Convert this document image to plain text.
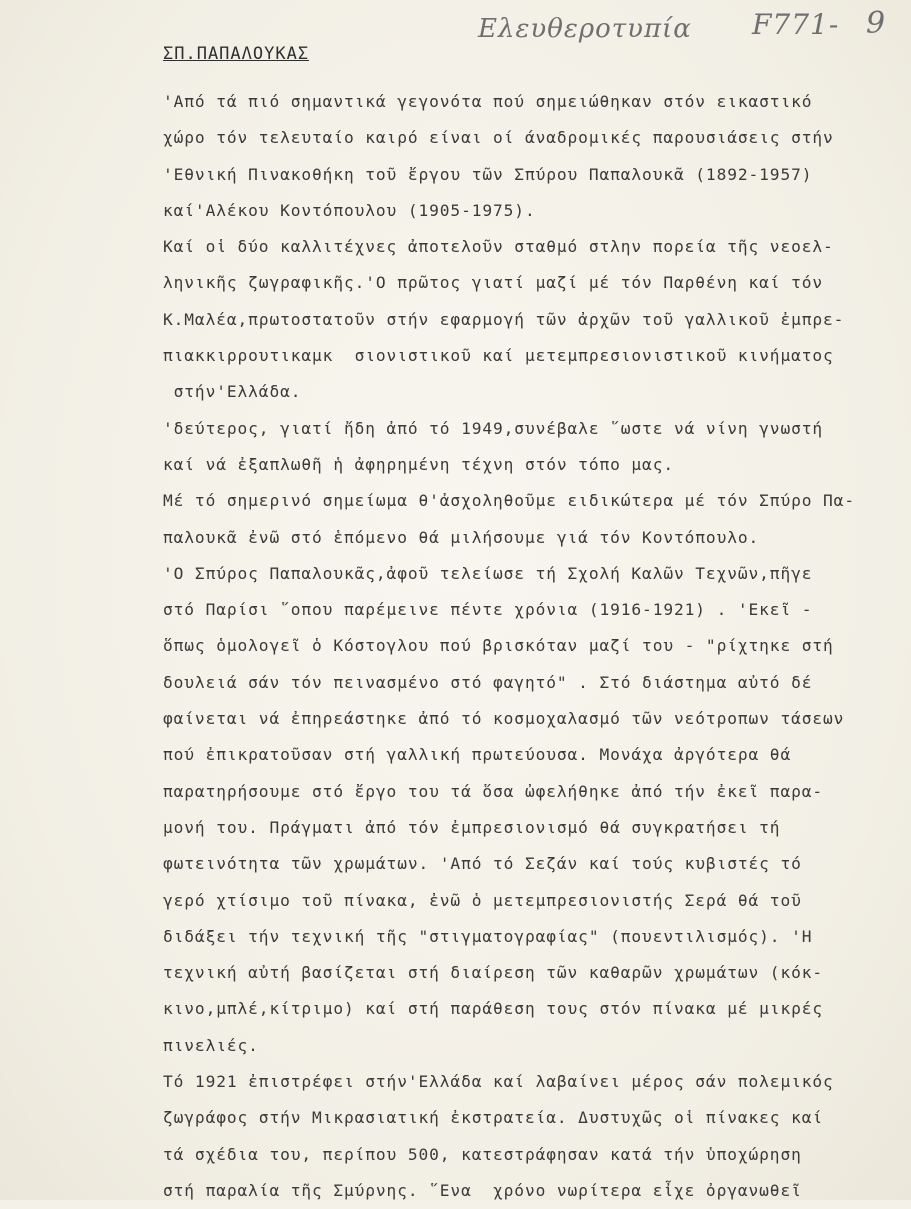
Ελευθεροτυπία F771- 9
ΣΠ.ΠΑΠΑΛΟΥΚΑΣ
'Από τά πιό σημαντικά γεγονότα πού σημειώθηκαν στόν εικαστικό
χώρο τόν τελευταίο καιρό είναι οί άναδρομικές παρουσιάσεις στήν
'Εθνική Πινακοθήκη τοῦ ἔργου τῶν Σπύρου Παπαλουκᾶ (1892-1957)
καί'Αλέκου Κοντόπουλου (1905-1975).
Καί οἱ δύο καλλιτέχνες ἀποτελοῦν σταθμό στλην πορεία τῆς νεοελ-
ληνικῆς ζωγραφικῆς.'Ο πρῶτος γιατί μαζί μέ τόν Παρθένη καί τόν
Κ.Μαλέα,πρωτοστατοῦν στήν εφαρμογή τῶν ἀρχῶν τοῦ γαλλικοῦ ἐμπρε-
πιακκιρρουτικαμκ  σιονιστικοῦ καί μετεμπρεσιονιστικοῦ κινήματος
στήν'Ελλάδα.
'δεύτερος, γιατί ἤδη ἀπό τό 1949,συνέβαλε ῞ωστε νά νίνη γνωστή
καί νά ἐξαπλωθῆ ἡ ἀφηρημένη τέχνη στόν τόπο μας.
Μέ τό σημερινό σημείωμα θ'ἀσχοληθοῦμε ειδικώτερα μέ τόν Σπύρο Πα-
παλουκᾶ ἐνῶ στό ἑπόμενο θά μιλήσουμε γιά τόν Κοντόπουλο.
'Ο Σπύρος Παπαλουκᾶς,ἀφοῦ τελείωσε τή Σχολή Καλῶν Τεχνῶν,πῆγε
στό Παρίσι ῞οπου παρέμεινε πέντε χρόνια (1916-1921) . 'Εκεῖ -
ὅπως ὁμολογεῖ ὁ Κόστογλου πού βρισκόταν μαζί του - "ρίχτηκε στή
δουλειά σάν τόν πεινασμένο στό φαγητό" . Στό διάστημα αὐτό δέ
φαίνεται νά ἐπηρεάστηκε ἀπό τό κοσμοχαλασμό τῶν νεότροπων τάσεων
πού ἐπικρατοῦσαν στή γαλλική πρωτεύουσα. Μονάχα ἀργότερα θά
παρατηρήσουμε στό ἔργο του τά ὅσα ὠφελήθηκε ἀπό τήν ἐκεῖ παρα-
μονή του. Πράγματι ἀπό τόν ἐμπρεσιονισμό θά συγκρατήσει τή
φωτεινότητα τῶν χρωμάτων. 'Από τό Σεζάν καί τούς κυβιστές τό
γερό χτίσιμο τοῦ πίνακα, ἐνῶ ὁ μετεμπρεσιονιστής Σερά θά τοῦ
διδάξει τήν τεχνική τῆς "στιγματογραφίας" (πουεντιλισμός). 'Η
τεχνική αὐτή βασίζεται στή διαίρεση τῶν καθαρῶν χρωμάτων (κόκ-
κινο,μπλέ,κίτριμο) καί στή παράθεση τους στόν πίνακα μέ μικρές
πινελιές.
Τό 1921 ἐπιστρέφει στήν'Ελλάδα καί λαβαίνει μέρος σάν πολεμικός
ζωγράφος στήν Μικρασιατική ἐκστρατεία. Δυστυχῶς οἱ πίνακες καί
τά σχέδια του, περίπου 500, κατεστράφησαν κατά τήν ὑποχώρηση
στή παραλία τῆς Σμύρνης. ῞Ενα  χρόνο νωρίτερα εἶχε ὀργανωθεῖ
